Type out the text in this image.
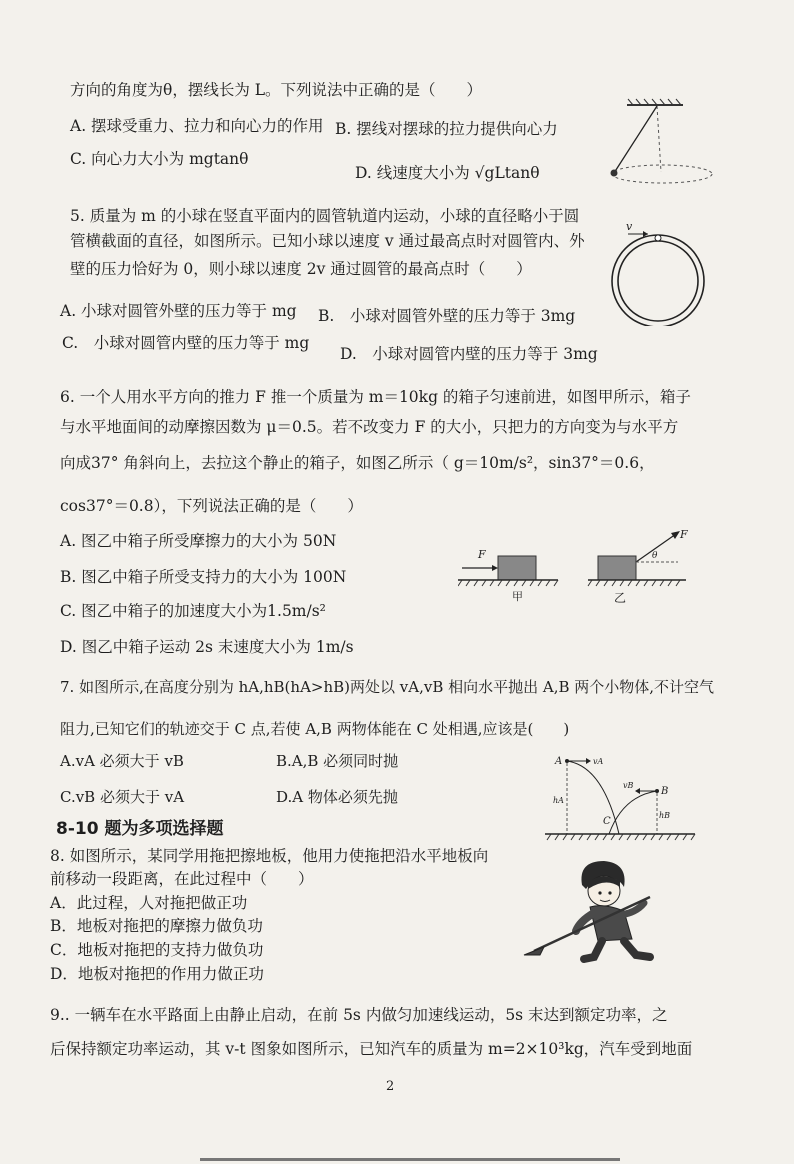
方向的角度为θ，摆线长为 L。下列说法中正确的是（　　）
A. 摆球受重力、拉力和向心力的作用 B. 摆线对摆球的拉力提供向心力
C. 向心力大小为 mgtanθ
D. 线速度大小为 √gLtanθ
5. 质量为 m 的小球在竖直平面内的圆管轨道内运动，小球的直径略小于圆
管横截面的直径，如图所示。已知小球以速度 v 通过最高点时对圆管内、外
壁的压力恰好为 0，则小球以速度 2v 通过圆管的最高点时（　　）
A. 小球对圆管外壁的压力等于 mg B.　小球对圆管外壁的压力等于 3mg
C.　小球对圆管内壁的压力等于 mg
D.　小球对圆管内壁的压力等于 3mg
v
6. 一个人用水平方向的推力 F 推一个质量为 m＝10kg 的箱子匀速前进，如图甲所示，箱子
与水平地面间的动摩擦因数为 μ＝0.5。若不改变力 F 的大小，只把力的方向变为与水平方
向成37° 角斜向上，去拉这个静止的箱子，如图乙所示（ g＝10m/s²，sin37°＝0.6，
cos37°＝0.8），下列说法正确的是（　　）
A. 图乙中箱子所受摩擦力的大小为 50N
B. 图乙中箱子所受支持力的大小为 100N
C. 图乙中箱子的加速度大小为1.5m/s²
D. 图乙中箱子运动 2s 末速度大小为 1m/s
F
甲
θ
F
乙
7. 如图所示,在高度分别为 hA,hB(hA>hB)两处以 vA,vB 相向水平抛出 A,B 两个小物体,不计空气
阻力,已知它们的轨迹交于 C 点,若使 A,B 两物体能在 C 处相遇,应该是(　　)
A.vA 必须大于 vB	B.A,B 必须同时抛
C.vB 必须大于 vA	D.A 物体必须先抛
A	vA
hA
B
vB
hB
C
8-10 题为多项选择题
8. 如图所示，某同学用拖把擦地板，他用力使拖把沿水平地板向
前移动一段距离，在此过程中（　　）
A．此过程，人对拖把做正功
B．地板对拖把的摩擦力做负功
C．地板对拖把的支持力做负功
D．地板对拖把的作用力做正功
9.. 一辆车在水平路面上由静止启动，在前 5s 内做匀加速线运动，5s 末达到额定功率，之
后保持额定功率运动，其 v-t 图象如图所示，已知汽车的质量为 m=2×10³kg，汽车受到地面
2
